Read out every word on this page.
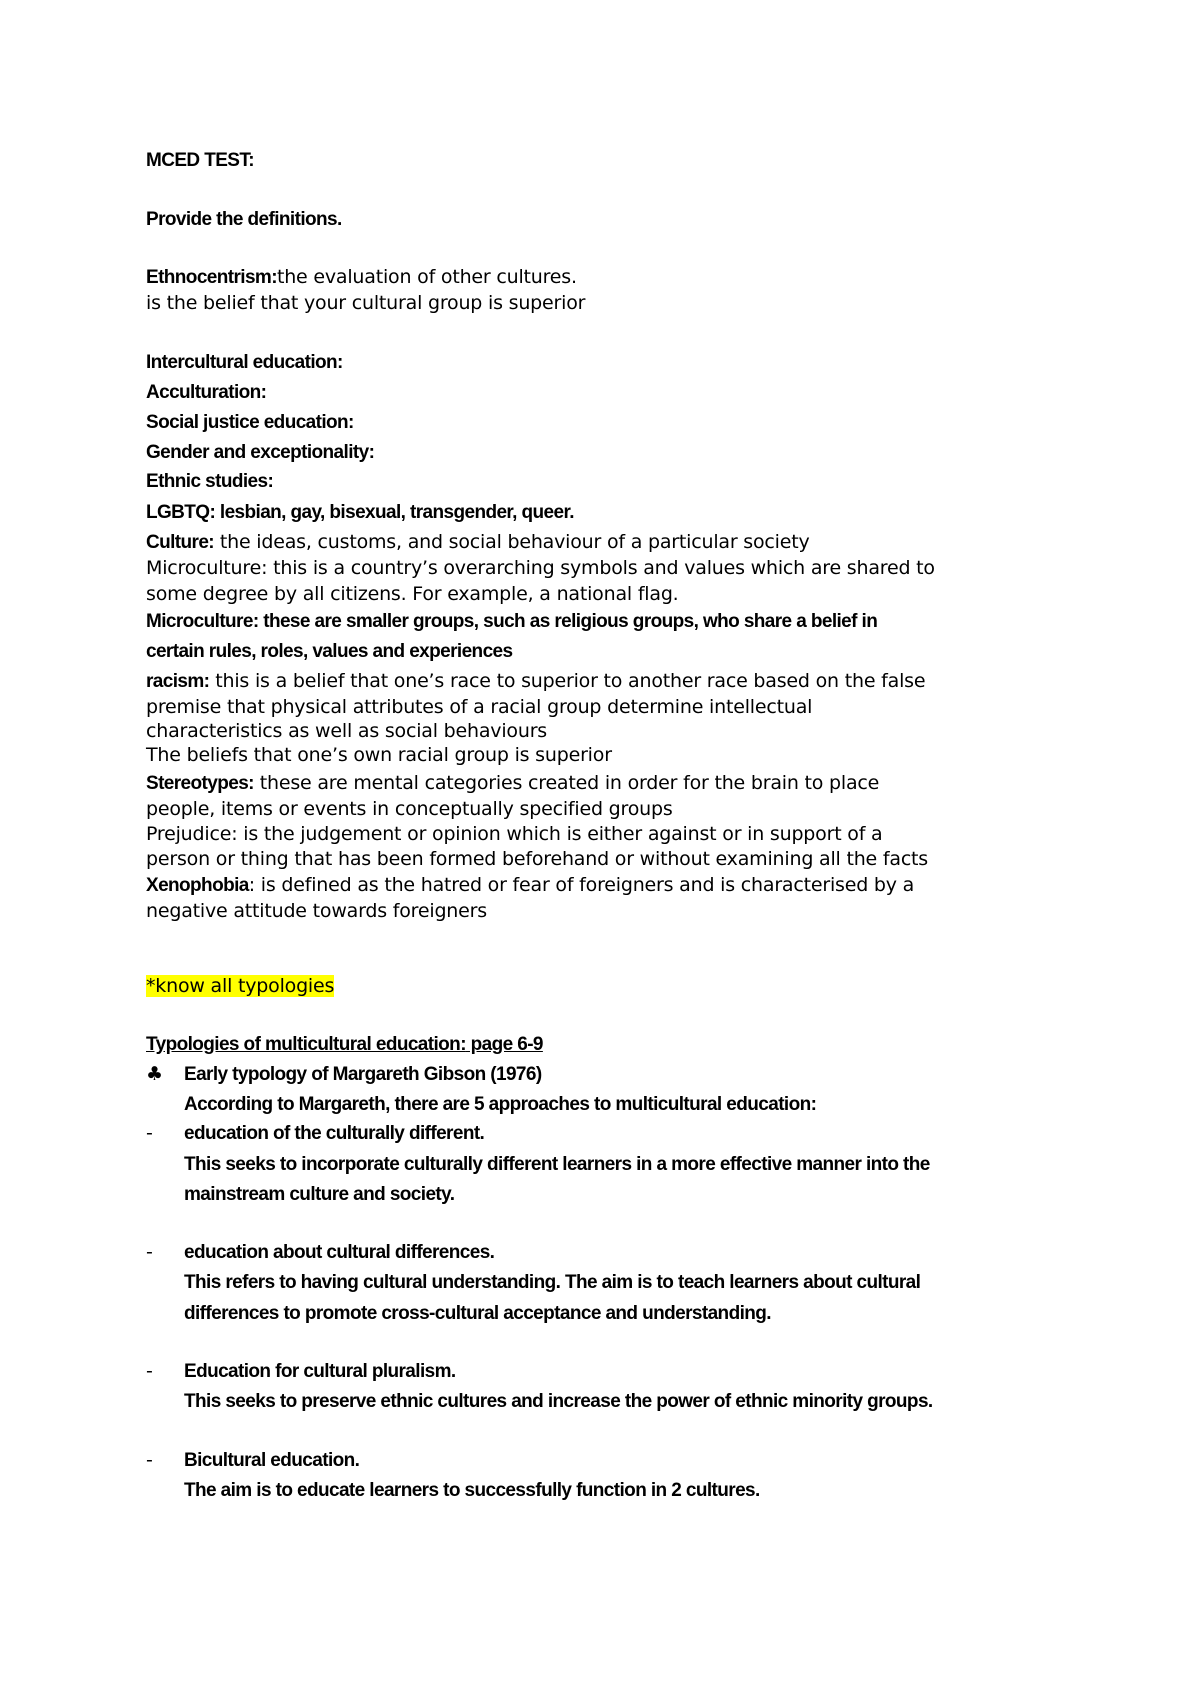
MCED TEST:
Provide the definitions.
Ethnocentrism:the evaluation of other cultures.
is the belief that your cultural group is superior
Intercultural education:
Acculturation:
Social justice education:
Gender and exceptionality:
Ethnic studies:
LGBTQ: lesbian, gay, bisexual, transgender, queer.
Culture: the ideas, customs, and social behaviour of a particular society
Microculture: this is a country’s overarching symbols and values which are shared to
some degree by all citizens. For example, a national flag.
Microculture: these are smaller groups, such as religious groups, who share a belief in
certain rules, roles, values and experiences
racism: this is a belief that one’s race to superior to another race based on the false
premise that physical attributes of a racial group determine intellectual
characteristics as well as social behaviours
The beliefs that one’s own racial group is superior
Stereotypes: these are mental categories created in order for the brain to place
people, items or events in conceptually specified groups
Prejudice: is the judgement or opinion which is either against or in support of a
person or thing that has been formed beforehand or without examining all the facts
Xenophobia: is defined as the hatred or fear of foreigners and is characterised by a
negative attitude towards foreigners
*know all typologies
Typologies of multicultural education: page 6-9
♣ Early typology of Margareth Gibson (1976)
According to Margareth, there are 5 approaches to multicultural education:
- education of the culturally different.
This seeks to incorporate culturally different learners in a more effective manner into the
mainstream culture and society.
- education about cultural differences.
This refers to having cultural understanding. The aim is to teach learners about cultural
differences to promote cross-cultural acceptance and understanding.
- Education for cultural pluralism.
This seeks to preserve ethnic cultures and increase the power of ethnic minority groups.
- Bicultural education.
The aim is to educate learners to successfully function in 2 cultures.
